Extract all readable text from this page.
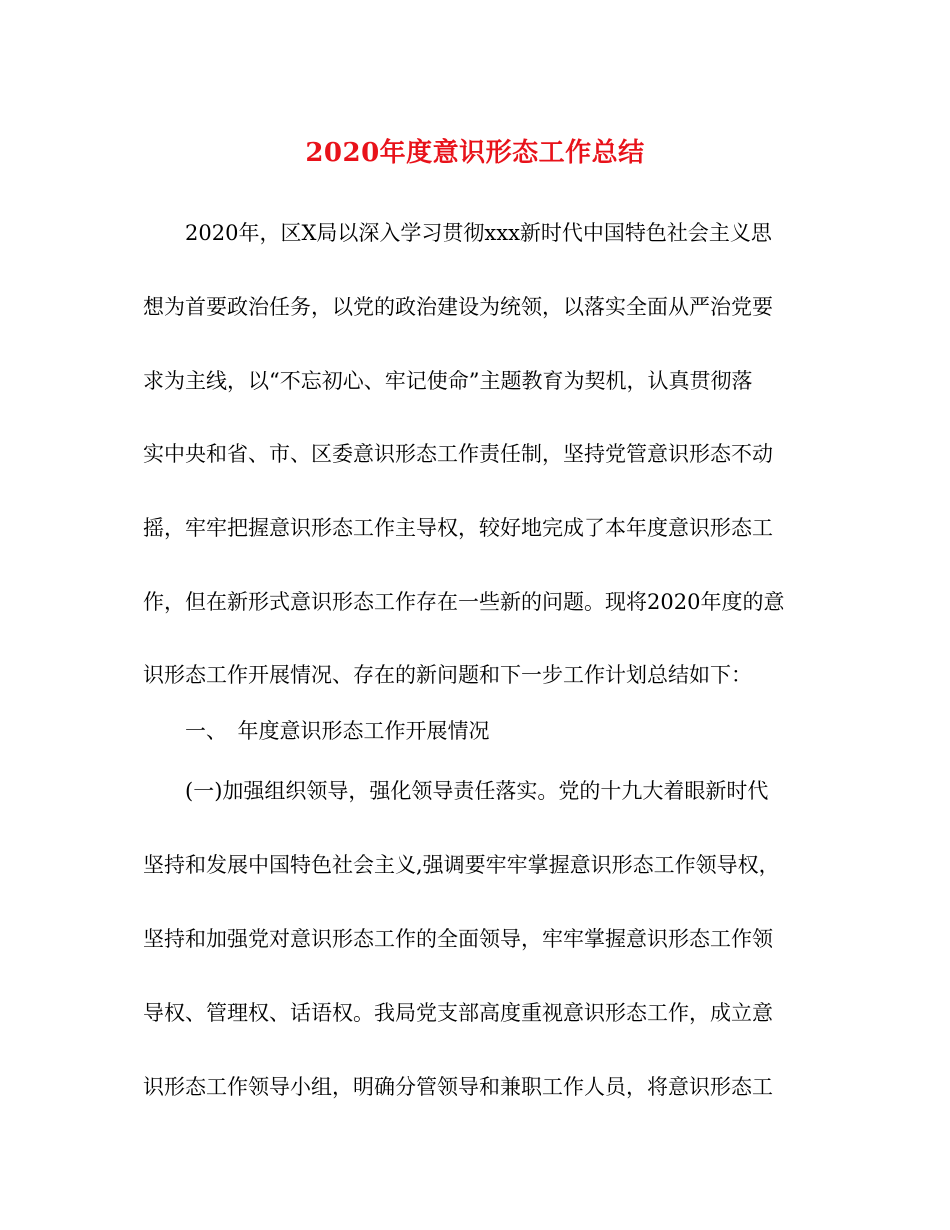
2020年度意识形态工作总结
　　2020年，区X局以深入学习贯彻xxx新时代中国特色社会主义思
想为首要政治任务，以党的政治建设为统领，以落实全面从严治党要
求为主线，以“不忘初心、牢记使命”主题教育为契机，认真贯彻落
实中央和省、市、区委意识形态工作责任制，坚持党管意识形态不动
摇，牢牢把握意识形态工作主导权，较好地完成了本年度意识形态工
作，但在新形式意识形态工作存在一些新的问题。现将2020年度的意
识形态工作开展情况、存在的新问题和下一步工作计划总结如下：
　　一、　年度意识形态工作开展情况
　　(一)加强组织领导，强化领导责任落实。党的十九大着眼新时代
坚持和发展中国特色社会主义,强调要牢牢掌握意识形态工作领导权，
坚持和加强党对意识形态工作的全面领导，牢牢掌握意识形态工作领
导权、管理权、话语权。我局党支部高度重视意识形态工作，成立意
识形态工作领导小组，明确分管领导和兼职工作人员，将意识形态工
